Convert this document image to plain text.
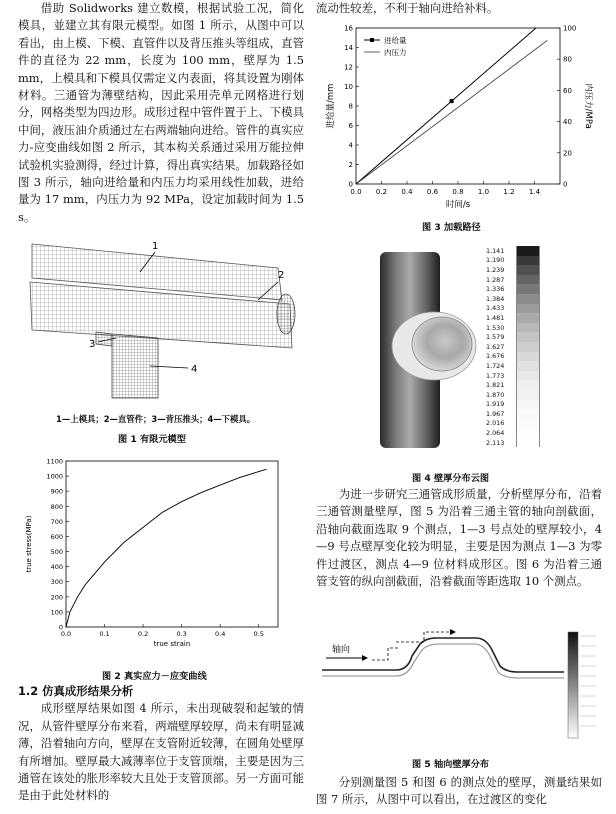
借助 Solidworks 建立数模，根据试验工况，简化模具，並建立其有限元模型。如图 1 所示，从图中可以看出，由上模、下模、直管件以及背压推头等组成，直管件的直径为 22 mm，长度为 100 mm，壁厚为 1.5 mm，上模具和下模具仅需定义内表面，将其设置为刚体材料。三通管为薄壁结构，因此采用壳单元网格进行划分，网格类型为四边形。成形过程中管件置于上、下模具中间，液压油介质通过左右两端轴向进给。管件的真实应力-应变曲线如图 2 所示，其本构关系通过采用万能拉伸试验机实验测得，经过计算，得出真实结果。加载路径如图 3 所示，轴向进给量和内压力均采用线性加载，进给量为 17 mm，内压力为 92 MPa，设定加载时间为 1.5 s。

1
2
3
4
1—上模具；2—直管件；3—背压推头；4—下模具。
图 1 有限元模型
0
100
200
300
400
500
600
700
800
900
1000
1100
0.0	0.1	0.2	0.3	0.4	0.5
true strain
true stress(MPa)
图 2 真实应力－应变曲线

1.2 仿真成形结果分析

成形壁厚结果如图 4 所示，未出现破裂和起皱的情况，从管件壁厚分布来看，两端壁厚较厚，尚未有明显减薄，沿着轴向方向，壁厚在支管附近较薄，在圆角处壁厚有所增加。壁厚最大减薄率位于支管顶端，主要是因为三通管在该处的胀形率较大且处于支管顶部。另一方面可能是由于此处材料的

流动性较差，不利于轴向进给补料。

0
2
4
6
8
10
12
14
16
0
20
40
60
80
100
0.0 0.2 0.4 0.6 0.8 1.0 1.2 1.4
时间/s
进给量/mm	内压力/MPa
进给量
内压力
图 3 加载路径
1.141
1.190
1.239
1.287
1.336
1.384
1.433
1.481
1.530
1.579
1.627
1.676
1.724
1.773
1.821
1.870
1.919
1.967
2.016
2.064
2.113
图 4 壁厚分布云图

为进一步研究三通管成形质量，分析壁厚分布，沿着三通管测量壁厚，图 5 为沿着三通主管的轴向剖截面，沿轴向截面选取 9 个测点，1—3 号点处的壁厚较小，4—9 号点壁厚变化较为明显，主要是因为测点 1—3 为零件过渡区，测点 4—9 位材料成形区。图 6 为沿着三通管支管的纵向剖截面，沿着截面等距选取 10 个测点。

轴向
图 5 轴向壁厚分布

分别测量图 5 和图 6 的测点处的壁厚，测量结果如图 7 所示，从图中可以看出，在过渡区的变化
